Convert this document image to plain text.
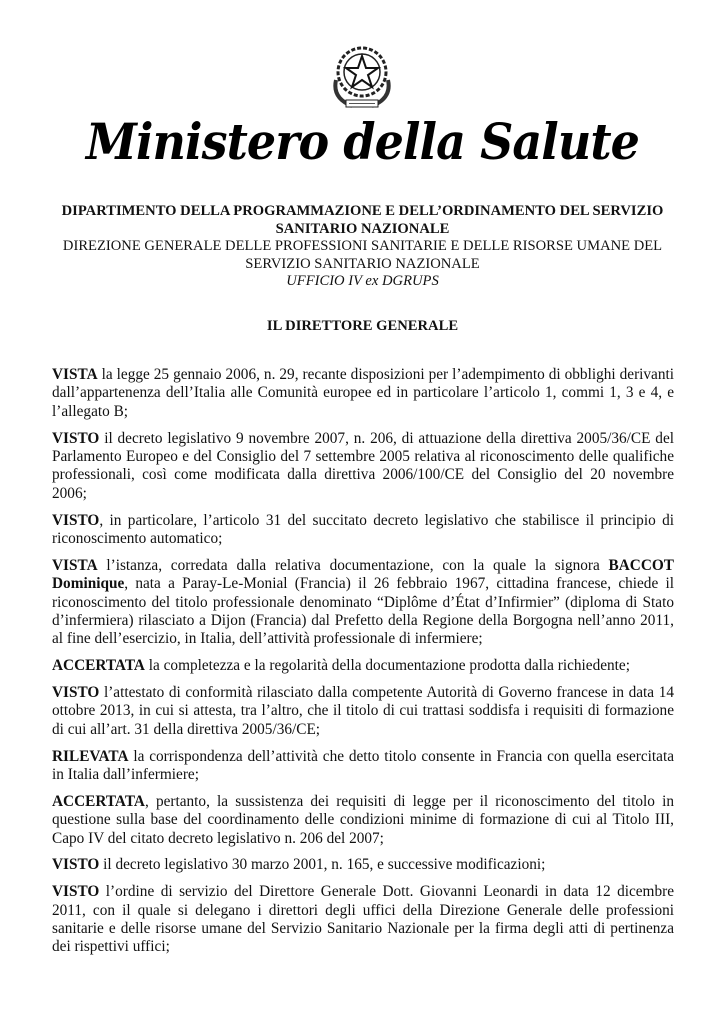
Ministero della Salute
DIPARTIMENTO DELLA PROGRAMMAZIONE E DELL’ORDINAMENTO DEL SERVIZIO
SANITARIO NAZIONALE
DIREZIONE GENERALE DELLE PROFESSIONI SANITARIE E DELLE RISORSE UMANE DEL
SERVIZIO SANITARIO NAZIONALE
UFFICIO IV ex DGRUPS
IL DIRETTORE GENERALE

VISTA la legge 25 gennaio 2006, n. 29, recante disposizioni per l’adempimento di obblighi derivanti dall’appartenenza dell’Italia alle Comunità europee ed in particolare l’articolo 1, commi 1, 3 e 4, e l’allegato B;

VISTO il decreto legislativo 9 novembre 2007, n. 206, di attuazione della direttiva 2005/36/CE del Parlamento Europeo e del Consiglio del 7 settembre 2005 relativa al riconoscimento delle qualifiche professionali, così come modificata dalla direttiva 2006/100/CE del Consiglio del 20 novembre 2006;

VISTO, in particolare, l’articolo 31 del succitato decreto legislativo che stabilisce il principio di riconoscimento automatico;

VISTA l’istanza, corredata dalla relativa documentazione, con la quale la signora BACCOT Dominique, nata a Paray-Le-Monial (Francia) il 26 febbraio 1967, cittadina francese, chiede il riconoscimento del titolo professionale denominato “Diplôme d’État d’Infirmier” (diploma di Stato d’infermiera) rilasciato a Dijon (Francia) dal Prefetto della Regione della Borgogna nell’anno 2011, al fine dell’esercizio, in Italia, dell’attività professionale di infermiere;

ACCERTATA la completezza e la regolarità della documentazione prodotta dalla richiedente;

VISTO l’attestato di conformità rilasciato dalla competente Autorità di Governo francese in data 14 ottobre 2013, in cui si attesta, tra l’altro, che il titolo di cui trattasi soddisfa i requisiti di formazione di cui all’art. 31 della direttiva 2005/36/CE;

RILEVATA la corrispondenza dell’attività che detto titolo consente in Francia con quella esercitata in Italia dall’infermiere;

ACCERTATA, pertanto, la sussistenza dei requisiti di legge per il riconoscimento del titolo in questione sulla base del coordinamento delle condizioni minime di formazione di cui al Titolo III, Capo IV del citato decreto legislativo n. 206 del 2007;

VISTO il decreto legislativo 30 marzo 2001, n. 165, e successive modificazioni;

VISTO l’ordine di servizio del Direttore Generale Dott. Giovanni Leonardi in data 12 dicembre 2011, con il quale si delegano i direttori degli uffici della Direzione Generale delle professioni sanitarie e delle risorse umane del Servizio Sanitario Nazionale per la firma degli atti di pertinenza dei rispettivi uffici;
